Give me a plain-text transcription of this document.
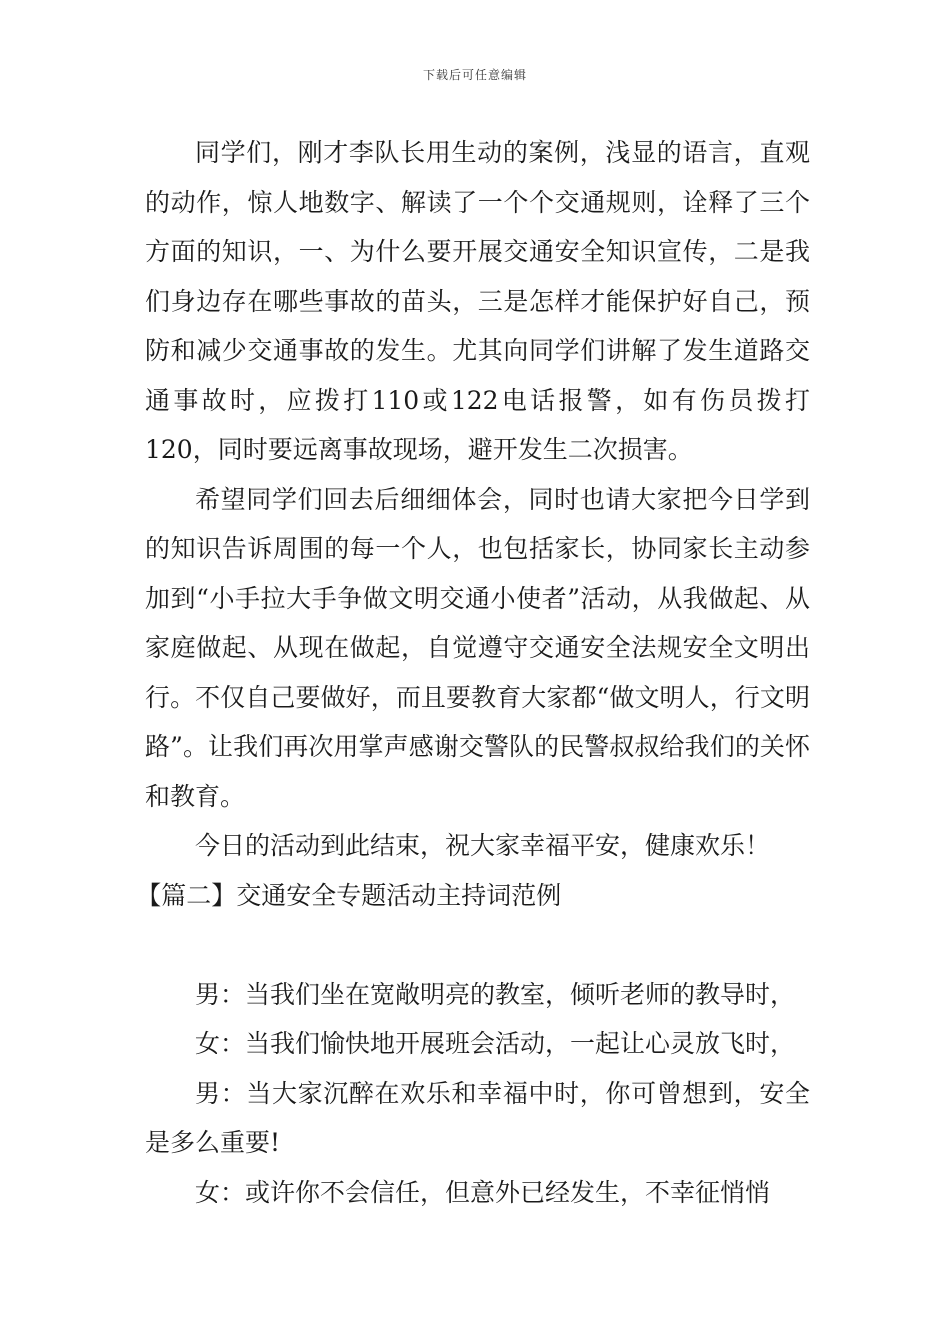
下载后可任意编辑

同学们，刚才李队长用生动的案例，浅显的语言，直观的动作，惊人地数字、解读了一个个交通规则，诠释了三个方面的知识，一、为什么要开展交通安全知识宣传，二是我们身边存在哪些事故的苗头，三是怎样才能保护好自己，预防和减少交通事故的发生。尤其向同学们讲解了发生道路交通事故时，应拨打110或122电话报警，如有伤员拨打120，同时要远离事故现场，避开发生二次损害。

希望同学们回去后细细体会，同时也请大家把今日学到的知识告诉周围的每一个人，也包括家长，协同家长主动参加到“小手拉大手争做文明交通小使者”活动，从我做起、从家庭做起、从现在做起，自觉遵守交通安全法规安全文明出行。不仅自己要做好，而且要教育大家都“做文明人，行文明路”。让我们再次用掌声感谢交警队的民警叔叔给我们的关怀和教育。

今日的活动到此结束，祝大家幸福平安，健康欢乐！

【篇二】交通安全专题活动主持词范例

男：当我们坐在宽敞明亮的教室，倾听老师的教导时，

女：当我们愉快地开展班会活动，一起让心灵放飞时，

男：当大家沉醉在欢乐和幸福中时，你可曾想到，安全是多么重要!

女：或许你不会信任，但意外已经发生，不幸征悄悄
